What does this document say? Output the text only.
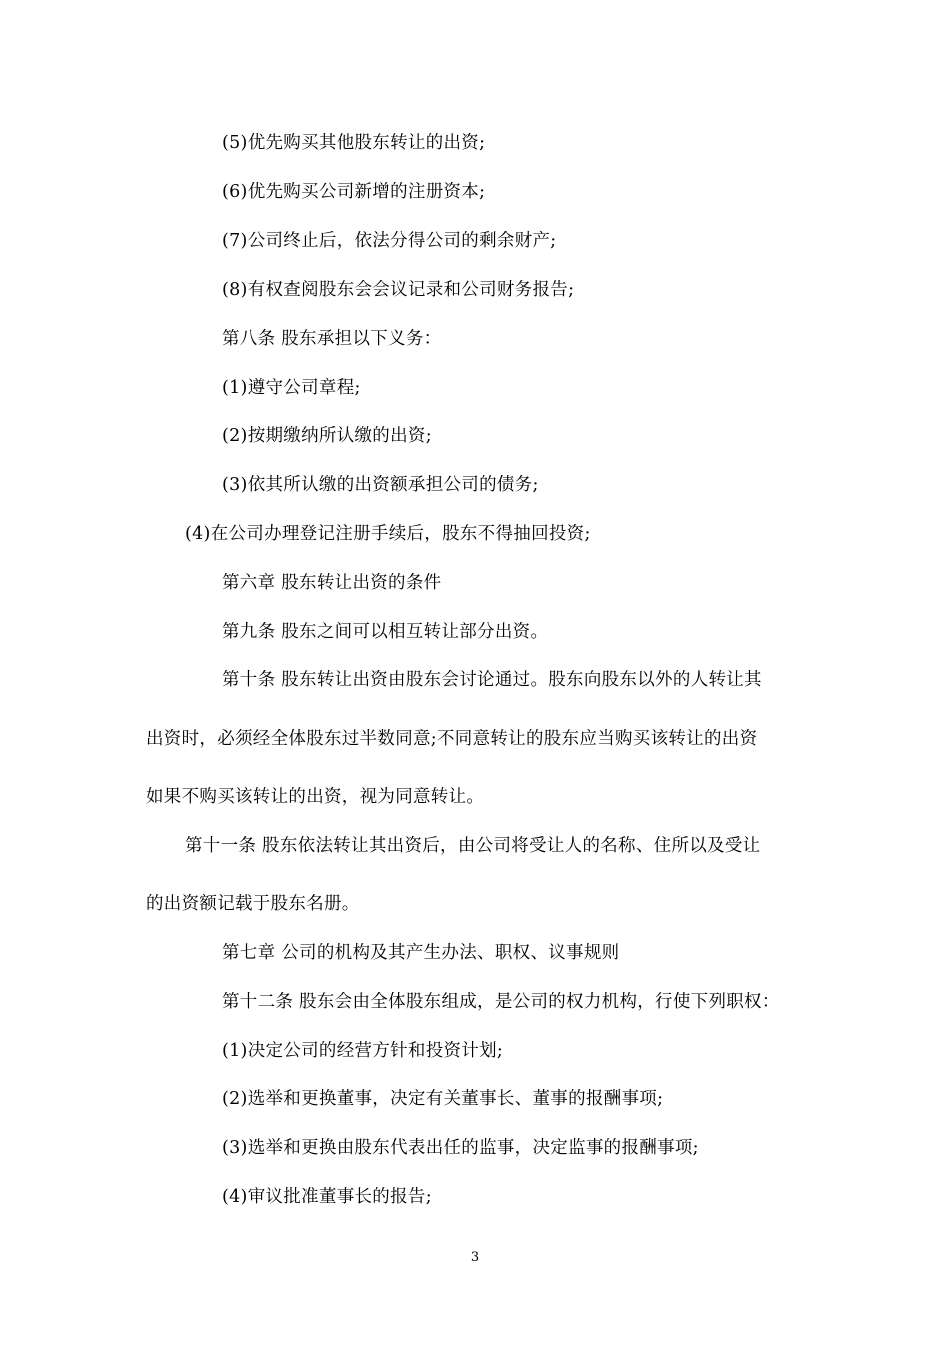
(5)优先购买其他股东转让的出资;
(6)优先购买公司新增的注册资本;
(7)公司终止后，依法分得公司的剩余财产;
(8)有权查阅股东会会议记录和公司财务报告;
第八条 股东承担以下义务：
(1)遵守公司章程;
(2)按期缴纳所认缴的出资;
(3)依其所认缴的出资额承担公司的债务;
(4)在公司办理登记注册手续后，股东不得抽回投资;
第六章 股东转让出资的条件
第九条 股东之间可以相互转让部分出资。
第十条 股东转让出资由股东会讨论通过。股东向股东以外的人转让其
出资时，必须经全体股东过半数同意;不同意转让的股东应当购买该转让的出资
如果不购买该转让的出资，视为同意转让。
第十一条 股东依法转让其出资后，由公司将受让人的名称、住所以及受让
的出资额记载于股东名册。
第七章 公司的机构及其产生办法、职权、议事规则
第十二条 股东会由全体股东组成，是公司的权力机构，行使下列职权：
(1)决定公司的经营方针和投资计划;
(2)选举和更换董事，决定有关董事长、董事的报酬事项;
(3)选举和更换由股东代表出任的监事，决定监事的报酬事项;
(4)审议批准董事长的报告;
3
